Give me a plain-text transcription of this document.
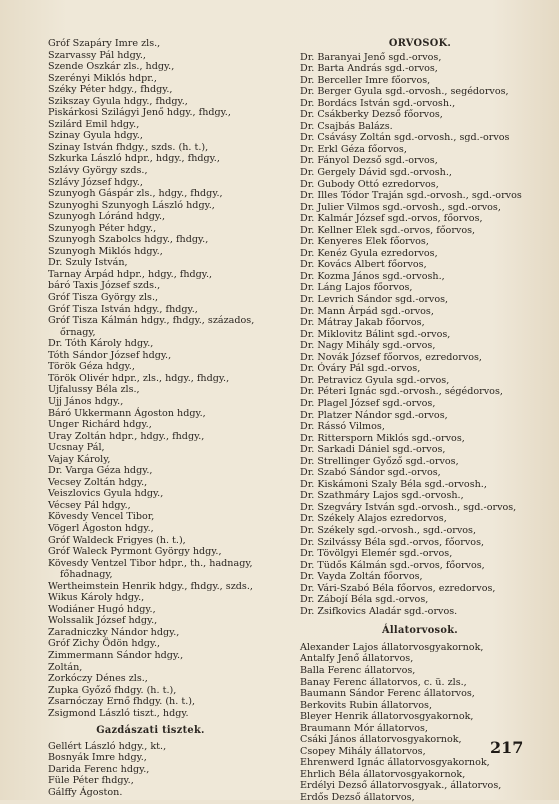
Gróf Szapáry Imre zls.,
Szarvassy Pál hdgy.,
Szende Oszkár zls., hdgy.,
Szerényi Miklós hdpr.,
Széky Péter hdgy., fhdgy.,
Szikszay Gyula hdgy., fhdgy.,
Piskárkosi Szilágyi Jenő hdgy., fhdgy.,
Szilárd Emil hdgy.,
Szinay Gyula hdgy.,
Szinay István fhdgy., szds. (h. t.),
Szkurka László hdpr., hdgy., fhdgy.,
Szlávy György szds.,
Szlávy József hdgy.,
Szunyogh Gáspár zls., hdgy., fhdgy.,
Szunyoghi Szunyogh László hdgy.,
Szunyogh Lóránd hdgy.,
Szunyogh Péter hdgy.,
Szunyogh Szabolcs hdgy., fhdgy.,
Szunyogh Miklós hdgy.,
Dr. Szuly István,
Tarnay Árpád hdpr., hdgy., fhdgy.,
báró Taxis József szds.,
Gróf Tisza György zls.,
Gróf Tisza István hdgy., fhdgy.,
Gróf Tisza Kálmán hdgy., fhdgy., százados,
őrnagy,
Dr. Tóth Károly hdgy.,
Tóth Sándor József hdgy.,
Török Géza hdgy.,
Török Olivér hdpr., zls., hdgy., fhdgy.,
Ujfalussy Béla zls.,
Ujj János hdgy.,
Báró Ukkermann Ágoston hdgy.,
Unger Richárd hdgy.,
Uray Zoltán hdpr., hdgy., fhdgy.,
Ucsnay Pál,
Vajay Károly,
Dr. Varga Géza hdgy.,
Vecsey Zoltán hdgy.,
Veiszlovics Gyula hdgy.,
Vécsey Pál hdgy.,
Kövesdy Vencel Tibor,
Vögerl Ágoston hdgy.,
Gróf Waldeck Frigyes (h. t.),
Gróf Waleck Pyrmont György hdgy.,
Kövesdy Ventzel Tibor hdpr., th., hadnagy,
főhadnagy,
Wertheimstein Henrik hdgy., fhdgy., szds.,
Wikus Károly hdgy.,
Wodiáner Hugó hdgy.,
Wolssalik József hdgy.,
Zaradniczky Nándor hdgy.,
Gróf Zichy Ödön hdgy.,
Zimmermann Sándor hdgy.,
Zoltán,
Zorkóczy Dénes zls.,
Zupka Győző fhdgy. (h. t.),
Zsarnóczay Ernő fhdgy. (h. t.),
Zsigmond László tiszt., hdgy.
Gazdászati tisztek.
Gellért László hdgy., kt.,
Bosnyák Imre hdgy.,
Darida Ferenc hdgy.,
Füle Péter fhdgy.,
Gálffy Ágoston.
ORVOSOK.
Dr. Baranyai Jenő sgd.-orvos,
Dr. Barta András sgd.-orvos,
Dr. Berceller Imre főorvos,
Dr. Berger Gyula sgd.-orvosh., segédorvos,
Dr. Bordács István sgd.-orvosh.,
Dr. Csákberky Dezső főorvos,
Dr. Csajbás Balázs.
Dr. Csávásy Zoltán sgd.-orvosh., sgd.-orvos
Dr. Erkl Géza főorvos,
Dr. Fányol Dezső sgd.-orvos,
Dr. Gergely Dávid sgd.-orvosh.,
Dr. Gubody Ottó ezredorvos,
Dr. Illes Tódor Traján sgd.-orvosh., sgd.-orvos
Dr. Julier Vilmos sgd.-orvosh., sgd.-orvos,
Dr. Kalmár József sgd.-orvos, főorvos,
Dr. Kellner Elek sgd.-orvos, főorvos,
Dr. Kenyeres Elek főorvos,
Dr. Kenéz Gyula ezredorvos,
Dr. Kovács Albert főorvos,
Dr. Kozma János sgd.-orvosh.,
Dr. Láng Lajos főorvos,
Dr. Levrich Sándor sgd.-orvos,
Dr. Mann Árpád sgd.-orvos,
Dr. Mátray Jakab főorvos,
Dr. Miklovitz Bálint sgd.-orvos,
Dr. Nagy Mihály sgd.-orvos,
Dr. Novák József főorvos, ezredorvos,
Dr. Óváry Pál sgd.-orvos,
Dr. Petravicz Gyula sgd.-orvos,
Dr. Péteri Ignác sgd.-orvosh., ségédorvos,
Dr. Plagel József sgd.-orvos,
Dr. Platzer Nándor sgd.-orvos,
Dr. Rássó Vilmos,
Dr. Rittersporn Miklós sgd.-orvos,
Dr. Sarkadi Dániel sgd.-orvos,
Dr. Strellinger Győző sgd.-orvos,
Dr. Szabó Sándor sgd.-orvos,
Dr. Kiskámoni Szaly Béla sgd.-orvosh.,
Dr. Szathmáry Lajos sgd.-orvosh.,
Dr. Szegváry István sgd.-orvosh., sgd.-orvos,
Dr. Székely Alajos ezredorvos,
Dr. Székely sgd.-orvosh., sgd.-orvos,
Dr. Szilvássy Béla sgd.-orvos, főorvos,
Dr. Tövölgyi Elemér sgd.-orvos,
Dr. Tüdős Kálmán sgd.-orvos, főorvos,
Dr. Vayda Zoltán főorvos,
Dr. Vári-Szabó Béla főorvos, ezredorvos,
Dr. Zábojí Béla sgd.-orvos,
Dr. Zsifkovics Aladár sgd.-orvos.
Állatorvosok.
Alexander Lajos állatorvosgyakornok,
Antalfy Jenő állatorvos,
Balla Ferenc állatorvos,
Banay Ferenc állatorvos, c. ü. zls.,
Baumann Sándor Ferenc állatorvos,
Berkovits Rubin állatorvos,
Bleyer Henrik állatorvosgyakornok,
Braumann Mór állatorvos,
Csáki János állatorvosgyakornok,
Csopey Mihály állatorvos,
Ehrenwerd Ignác állatorvosgyakornok,
Ehrlich Béla állatorvosgyakornok,
Erdélyi Dezső állatorvosgyak., állatorvos,
Erdős Dezső állatorvos,
217
